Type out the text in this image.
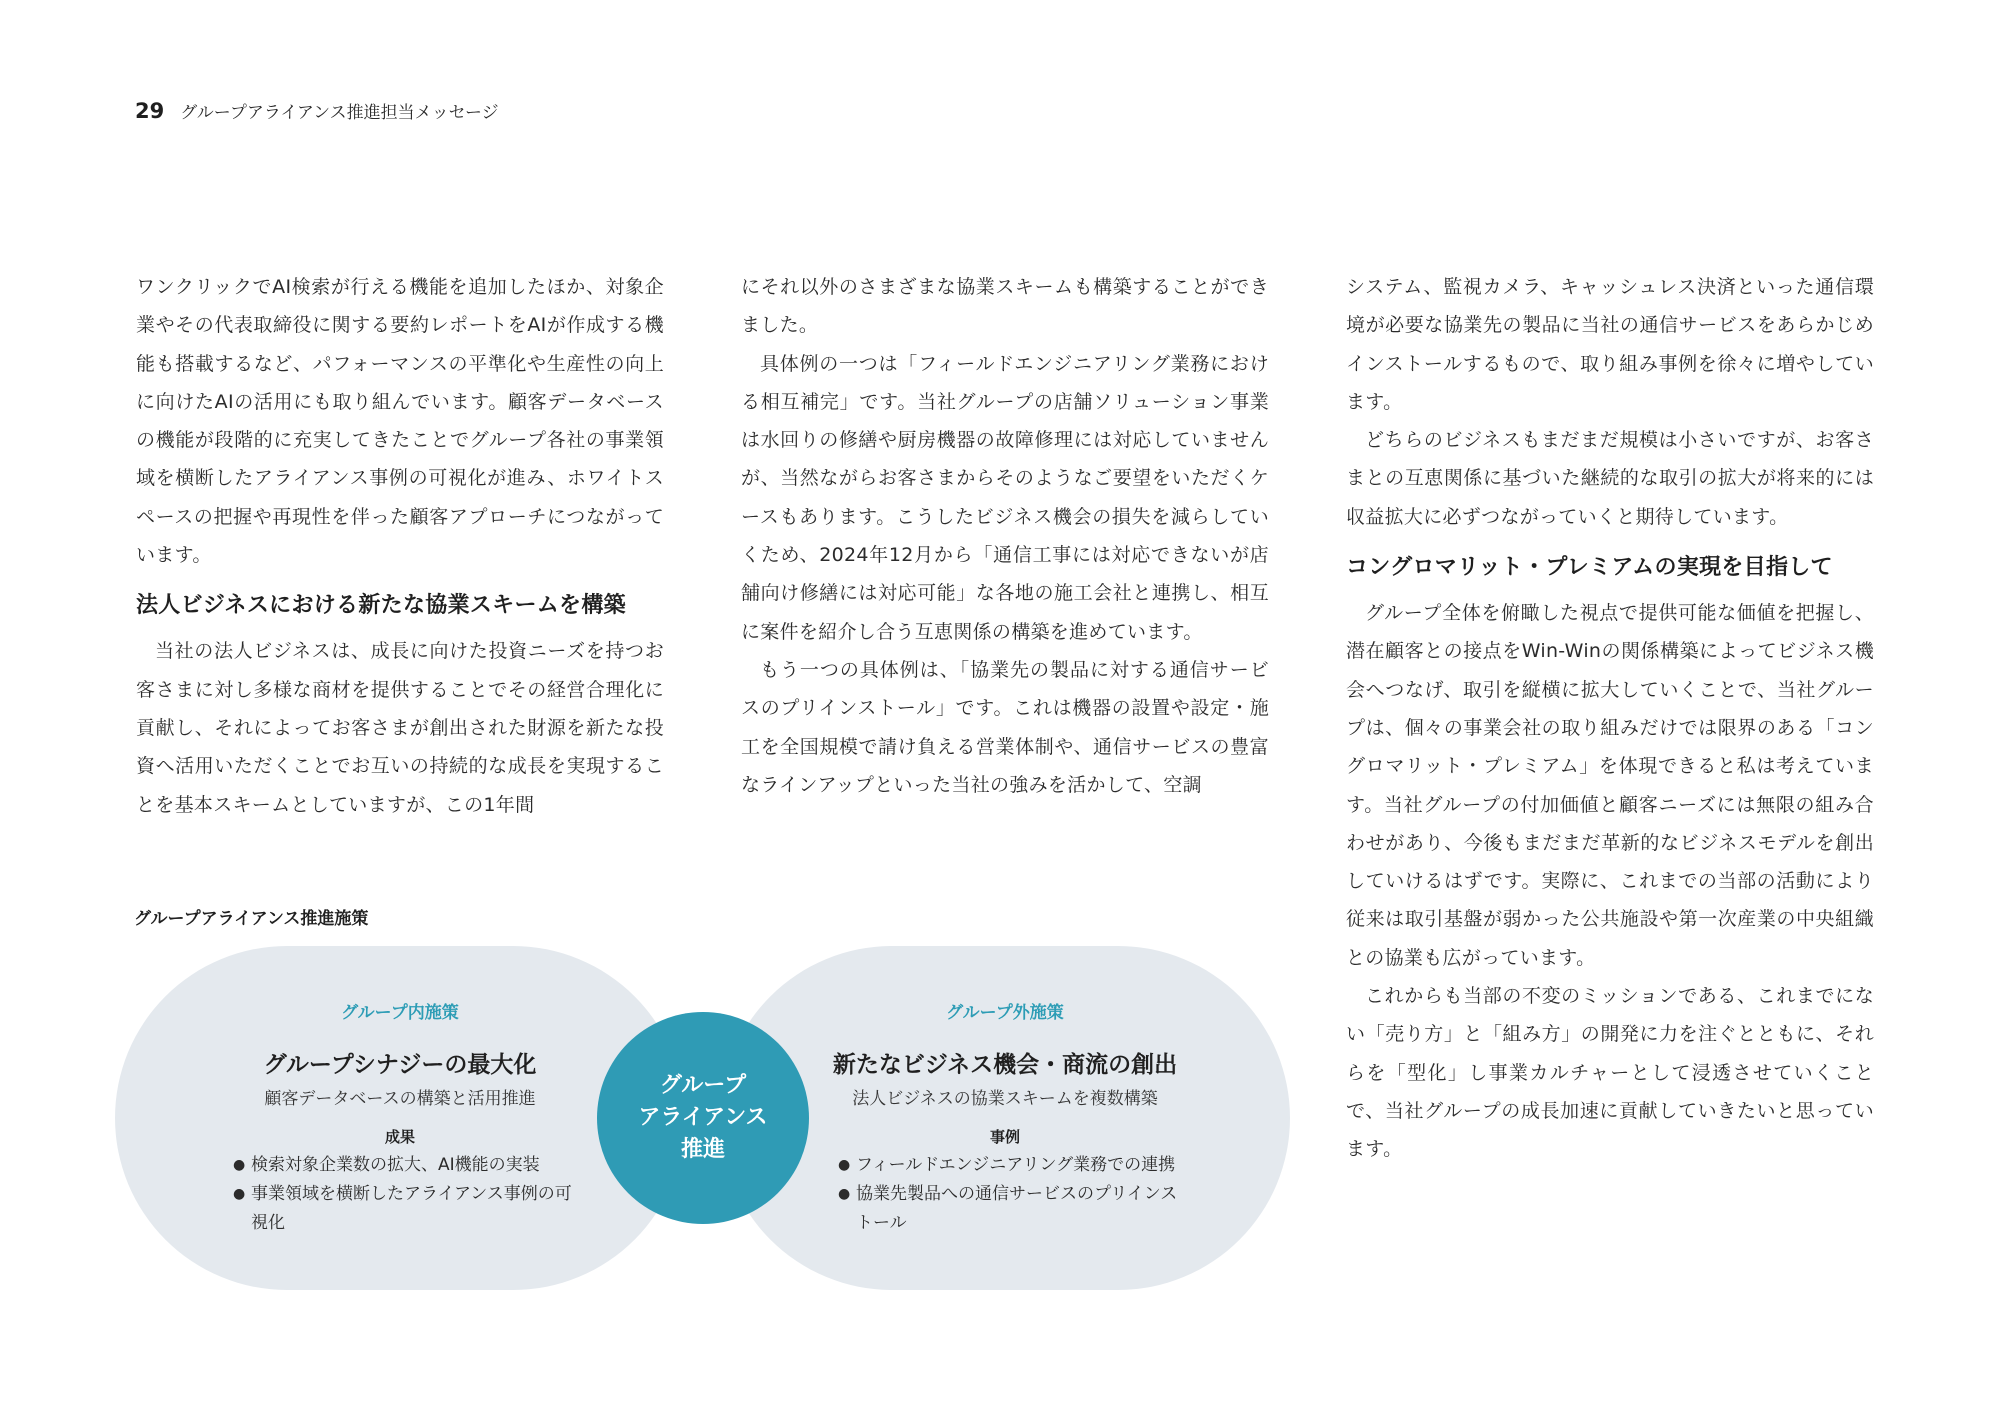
29 グループアライアンス推進担当メッセージ

ワンクリックでAI検索が行える機能を追加したほか、対象企業やその代表取締役に関する要約レポートをAIが作成する機能も搭載するなど、パフォーマンスの平準化や生産性の向上に向けたAIの活用にも取り組んでいます。顧客データベースの機能が段階的に充実してきたことでグループ各社の事業領域を横断したアライアンス事例の可視化が進み、ホワイトスペースの把握や再現性を伴った顧客アプローチにつながっています。

法人ビジネスにおける新たな協業スキームを構築

当社の法人ビジネスは、成長に向けた投資ニーズを持つお客さまに対し多様な商材を提供することでその経営合理化に貢献し、それによってお客さまが創出された財源を新たな投資へ活用いただくことでお互いの持続的な成長を実現することを基本スキームとしていますが、この1年間

にそれ以外のさまざまな協業スキームも構築することができました。

具体例の一つは「フィールドエンジニアリング業務における相互補完」です。当社グループの店舗ソリューション事業は水回りの修繕や厨房機器の故障修理には対応していませんが、当然ながらお客さまからそのようなご要望をいただくケースもあります。こうしたビジネス機会の損失を減らしていくため、2024年12月から「通信工事には対応できないが店舗向け修繕には対応可能」な各地の施工会社と連携し、相互に案件を紹介し合う互恵関係の構築を進めています。

もう一つの具体例は、「協業先の製品に対する通信サービスのプリインストール」です。これは機器の設置や設定・施工を全国規模で請け負える営業体制や、通信サービスの豊富なラインアップといった当社の強みを活かして、空調

システム、監視カメラ、キャッシュレス決済といった通信環境が必要な協業先の製品に当社の通信サービスをあらかじめインストールするもので、取り組み事例を徐々に増やしています。

どちらのビジネスもまだまだ規模は小さいですが、お客さまとの互恵関係に基づいた継続的な取引の拡大が将来的には収益拡大に必ずつながっていくと期待しています。

コングロマリット・プレミアムの実現を目指して

グループ全体を俯瞰した視点で提供可能な価値を把握し、潜在顧客との接点をWin-Winの関係構築によってビジネス機会へつなげ、取引を縦横に拡大していくことで、当社グループは、個々の事業会社の取り組みだけでは限界のある「コングロマリット・プレミアム」を体現できると私は考えています。当社グループの付加価値と顧客ニーズには無限の組み合わせがあり、今後もまだまだ革新的なビジネスモデルを創出していけるはずです。実際に、これまでの当部の活動により従来は取引基盤が弱かった公共施設や第一次産業の中央組織との協業も広がっています。

これからも当部の不変のミッションである、これまでにない「売り方」と「組み方」の開発に力を注ぐとともに、それらを「型化」し事業カルチャーとして浸透させていくことで、当社グループの成長加速に貢献していきたいと思っています。

グループアライアンス推進施策
グループ内施策
グループシナジーの最大化
顧客データベースの構築と活用推進
成果
● 検索対象企業数の拡大、AI機能の実装
● 事業領域を横断したアライアンス事例の可視化
グループ外施策
新たなビジネス機会・商流の創出
法人ビジネスの協業スキームを複数構築
事例
● フィールドエンジニアリング業務での連携
● 協業先製品への通信サービスのプリインストール
グループ
アライアンス
推進
